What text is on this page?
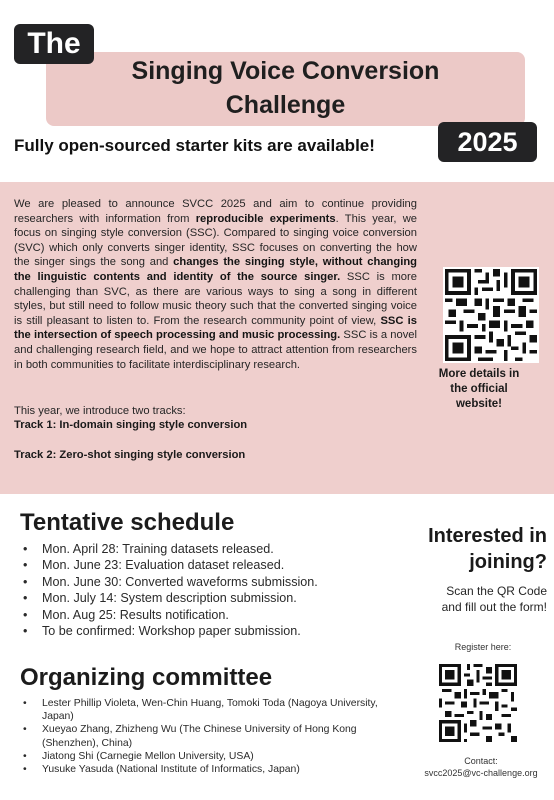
The
Singing Voice Conversion
Challenge
Fully open-sourced starter kits are available!	2025
We are pleased to announce SVCC 2025 and aim to continue providing researchers with information from reproducible experiments. This year, we focus on singing style conversion (SSC). Compared to singing voice conversion (SVC) which only converts singer identity, SSC focuses on converting the how the singer sings the song and changes the singing style, without changing the linguistic contents and identity of the source singer. SSC is more challenging than SVC, as there are various ways to sing a song in different styles, but still need to follow music theory such that the converted singing voice is still pleasant to listen to. From the research community point of view, SSC is the intersection of speech processing and music processing. SSC is a novel and challenging research field, and we hope to attract attention from researchers in both communities to facilitate interdisciplinary research.
This year, we introduce two tracks:
Track 1: In-domain singing style conversion
Track 2: Zero-shot singing style conversion
More details in
the official
website!
Tentative schedule
• Mon. April 28: Training datasets released.
• Mon. June 23: Evaluation dataset released.
• Mon. June 30: Converted waveforms submission.
• Mon. July 14: System description submission.
• Mon. Aug 25: Results notification.
• To be confirmed: Workshop paper submission.
Organizing committee
• Lester Phillip Violeta, Wen-Chin Huang, Tomoki Toda (Nagoya University, Japan)
• Xueyao Zhang, Zhizheng Wu (The Chinese University of Hong Kong (Shenzhen), China)
• Jiatong Shi (Carnegie Mellon University, USA)
• Yusuke Yasuda (National Institute of Informatics, Japan)
Interested in
joining?
Scan the QR Code
and fill out the form!
Register here:
Contact:
svcc2025@vc-challenge.org
